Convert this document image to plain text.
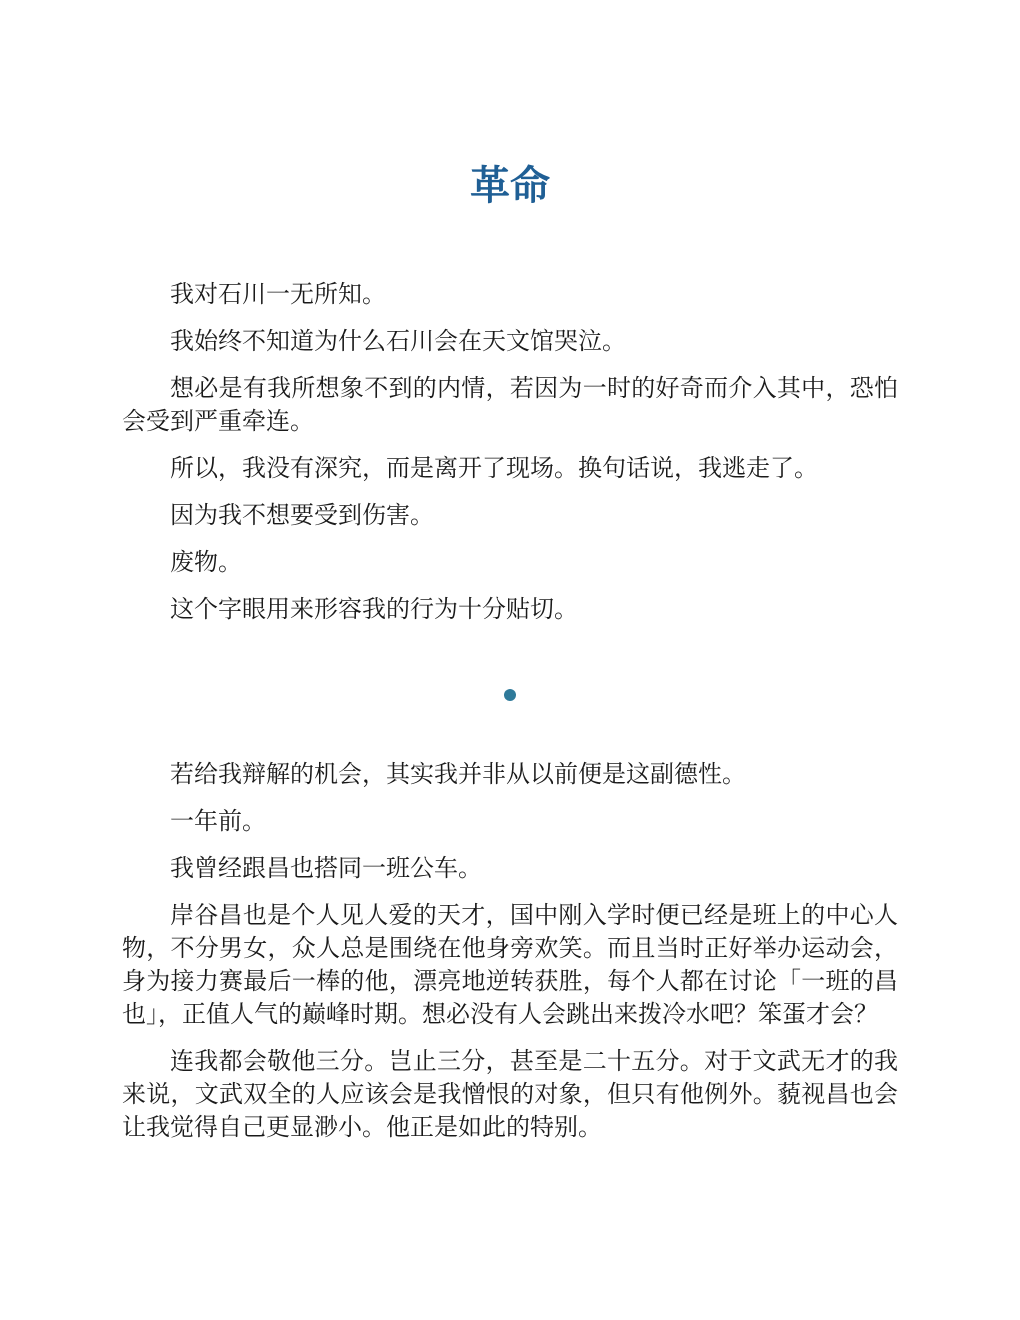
革命

我对石川一无所知。

我始终不知道为什么石川会在天文馆哭泣。

想必是有我所想象不到的内情，若因为一时的好奇而介入其中，恐怕会受到严重牵连。

所以，我没有深究，而是离开了现场。换句话说，我逃走了。

因为我不想要受到伤害。

废物。

这个字眼用来形容我的行为十分贴切。

若给我辩解的机会，其实我并非从以前便是这副德性。

一年前。

我曾经跟昌也搭同一班公车。

岸谷昌也是个人见人爱的天才，国中刚入学时便已经是班上的中心人物，不分男女，众人总是围绕在他身旁欢笑。而且当时正好举办运动会，身为接力赛最后一棒的他，漂亮地逆转获胜，每个人都在讨论「一班的昌也」，正值人气的巅峰时期。想必没有人会跳出来拨冷水吧？笨蛋才会？

连我都会敬他三分。岂止三分，甚至是二十五分。对于文武无才的我来说，文武双全的人应该会是我憎恨的对象，但只有他例外。藐视昌也会让我觉得自己更显渺小。他正是如此的特别。
